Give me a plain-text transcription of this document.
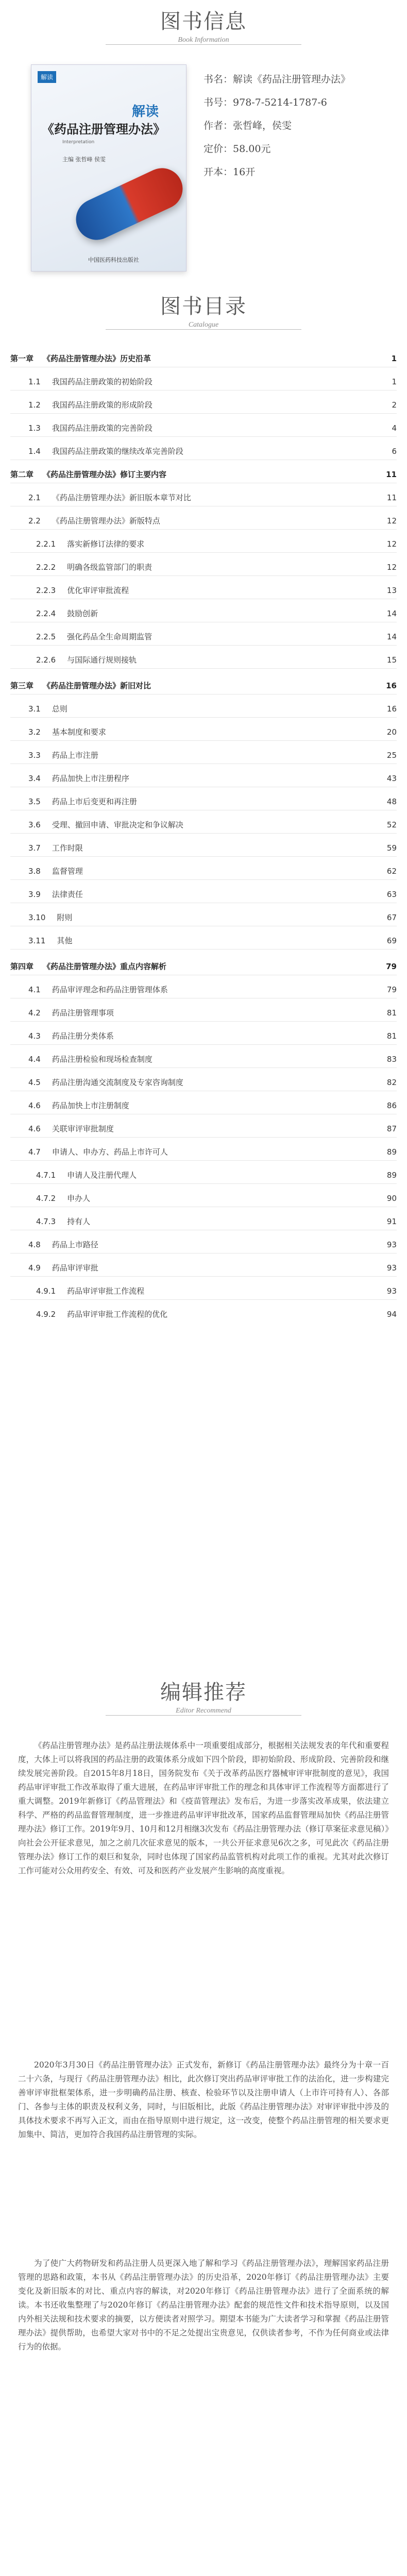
图书信息
Book Information
解读
解读
《药品注册管理办法》
Interpretation
主编 张哲峰 侯雯
中国医药科技出版社
书名：解读《药品注册管理办法》
书号：978-7-5214-1787-6
作者：张哲峰，侯雯
定价：58.00元
开本：16开
图书目录
Catalogue
第一章 《药品注册管理办法》历史沿革	1
1.1 我国药品注册政策的初始阶段	1
1.2 我国药品注册政策的形成阶段	2
1.3 我国药品注册政策的完善阶段	4
1.4 我国药品注册政策的继续改革完善阶段	6
第二章 《药品注册管理办法》修订主要内容	11
2.1 《药品注册管理办法》新旧版本章节对比	11
2.2 《药品注册管理办法》新版特点	12
2.2.1 落实新修订法律的要求	12
2.2.2 明确各级监管部门的职责	12
2.2.3 优化审评审批流程	13
2.2.4 鼓励创新	14
2.2.5 强化药品全生命周期监管	14
2.2.6 与国际通行规则接轨	15
第三章 《药品注册管理办法》新旧对比	16
3.1 总则	16
3.2 基本制度和要求	20
3.3 药品上市注册	25
3.4 药品加快上市注册程序	43
3.5 药品上市后变更和再注册	48
3.6 受理、撤回申请、审批决定和争议解决	52
3.7 工作时限	59
3.8 监督管理	62
3.9 法律责任	63
3.10 附则	67
3.11 其他	69
第四章 《药品注册管理办法》重点内容解析	79
4.1 药品审评理念和药品注册管理体系	79
4.2 药品注册管理事项	81
4.3 药品注册分类体系	81
4.4 药品注册检验和现场检查制度	83
4.5 药品注册沟通交流制度及专家咨询制度	82
4.6 药品加快上市注册制度	86
4.6 关联审评审批制度	87
4.7 申请人、申办方、药品上市许可人	89
4.7.1 申请人及注册代理人	89
4.7.2 申办人	90
4.7.3 持有人	91
4.8 药品上市路径	93
4.9 药品审评审批	93
4.9.1 药品审评审批工作流程	93
4.9.2 药品审评审批工作流程的优化	94
编辑推荐
Editor Recommend

《药品注册管理办法》是药品注册法规体系中一项重要组成部分，根据相关法规发表的年代和重要程度，大体上可以将我国的药品注册的政策体系分成如下四个阶段，即初始阶段、形成阶段、完善阶段和继续发展完善阶段。自2015年8月18日，国务院发布《关于改革药品医疗器械审评审批制度的意见》，我国药品审评审批工作改革取得了重大进展，在药品审评审批工作的理念和具体审评工作流程等方面都进行了重大调整。2019年新修订《药品管理法》和《疫苗管理法》发布后，为进一步落实改革成果，依法建立科学、严格的药品监督管理制度，进一步推进药品审评审批改革，国家药品监督管理局加快《药品注册管理办法》修订工作。2019年9月、10月和12月相继3次发布《药品注册管理办法（修订草案征求意见稿）》向社会公开征求意见，加之之前几次征求意见的版本，一共公开征求意见6次之多，可见此次《药品注册管理办法》修订工作的艰巨和复杂，同时也体现了国家药品监管机构对此项工作的重视。尤其对此次修订工作可能对公众用药安全、有效、可及和医药产业发展产生影响的高度重视。

2020年3月30日《药品注册管理办法》正式发布，新修订《药品注册管理办法》最终分为十章一百二十六条，与现行《药品注册管理办法》相比，此次修订突出药品审评审批工作的法治化，进一步构建完善审评审批框架体系，进一步明确药品注册、核查、检验环节以及注册申请人（上市许可持有人）、各部门、各参与主体的职责及权利义务，同时，与旧版相比，此版《药品注册管理办法》对审评审批中涉及的具体技术要求不再写入正文，而由在指导原则中进行规定，这一改变，使整个药品注册管理的相关要求更加集中、简洁，更加符合我国药品注册管理的实际。

为了使广大药物研发和药品注册人员更深入地了解和学习《药品注册管理办法》，理解国家药品注册管理的思路和政策，本书从《药品注册管理办法》的历史沿革，2020年修订《药品注册管理办法》主要变化及新旧版本的对比、重点内容的解读，对2020年修订《药品注册管理办法》进行了全面系统的解读。本书还收集整理了与2020年修订《药品注册管理办法》配套的规范性文件和技术指导原则，以及国内外相关法规和技术要求的摘要，以方便读者对照学习。期望本书能为广大读者学习和掌握《药品注册管理办法》提供帮助，也希望大家对书中的不足之处提出宝贵意见，仅供读者参考，不作为任何商业或法律行为的依据。
